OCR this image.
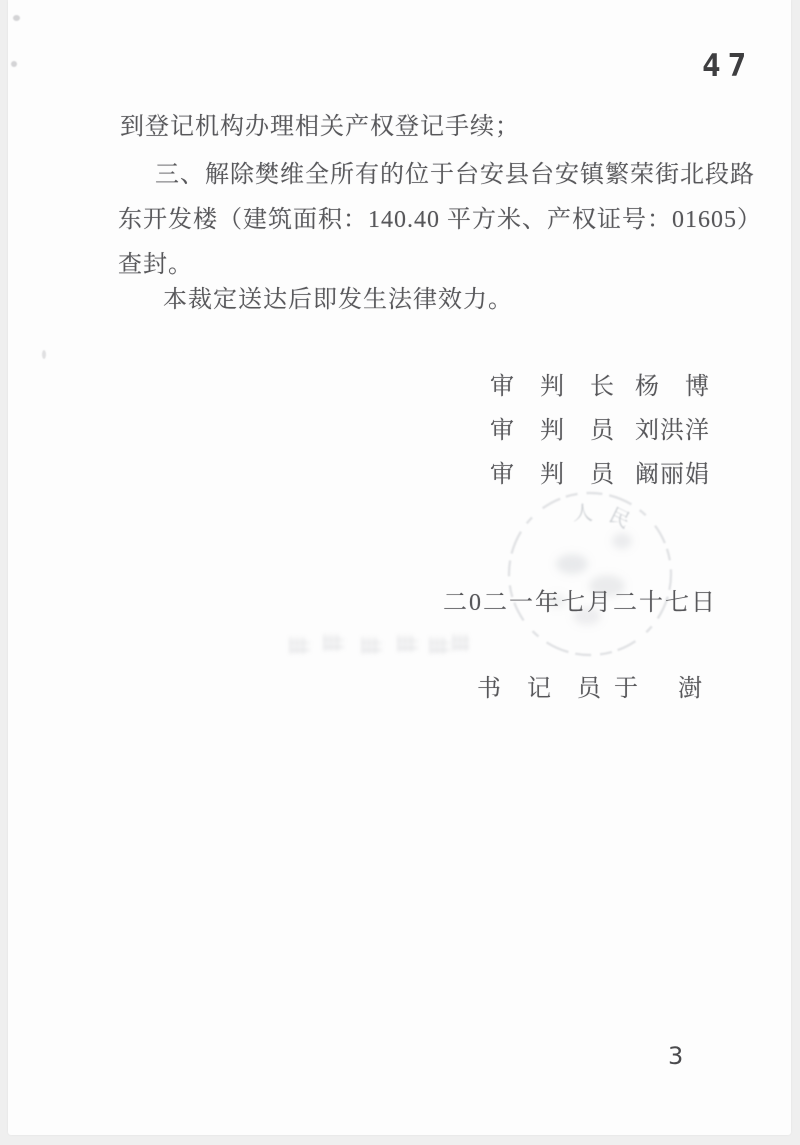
47
到登记机构办理相关产权登记手续；
三、解除樊维全所有的位于台安县台安镇繁荣街北段路
东开发楼（建筑面积：140.40 平方米、产权证号：01605）
查封。
本裁定送达后即发生法律效力。
审　判　长 杨　博
审　判　员 刘洪洋
审　判　员 阚丽娟
人民
二0二一年七月二十七日
书　记　员 于　澍
3
